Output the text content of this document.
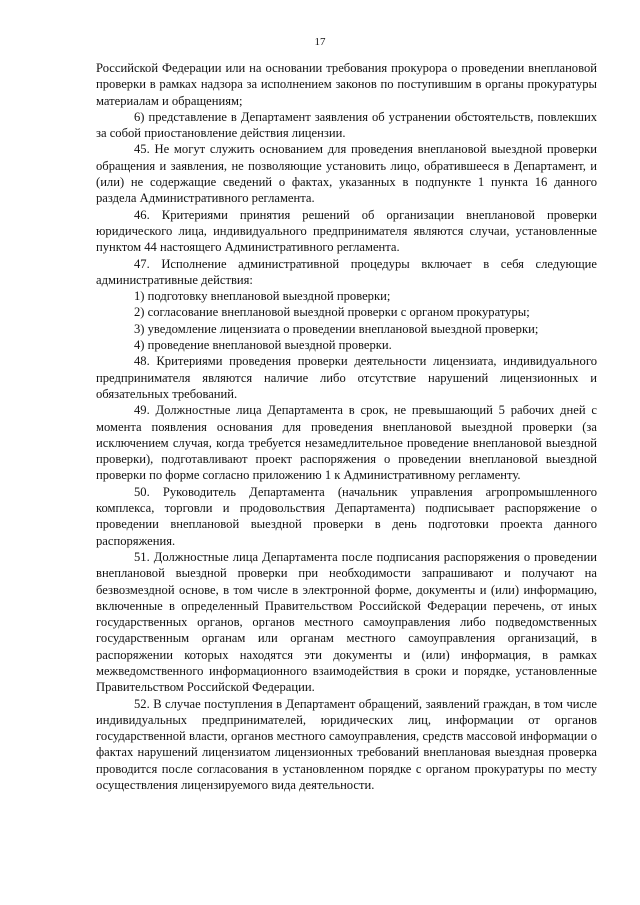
17

Российской Федерации или на основании требования прокурора о проведении внеплановой проверки в рамках надзора за исполнением законов по поступившим в органы прокуратуры материалам и обращениям;

6) представление в Департамент заявления об устранении обстоятельств, повлекших за собой приостановление действия лицензии.

45. Не могут служить основанием для проведения внеплановой выездной проверки обращения и заявления, не позволяющие установить лицо, обратившееся в Департамент, и (или) не содержащие сведений о фактах, указанных в подпункте 1 пункта 16 данного раздела Административного регламента.

46. Критериями принятия решений об организации внеплановой проверки юридического лица, индивидуального предпринимателя являются случаи, установленные пунктом 44 настоящего Административного регламента.

47. Исполнение административной процедуры включает в себя следующие административные действия:

1) подготовку внеплановой выездной проверки;

2) согласование внеплановой выездной проверки с органом прокуратуры;

3) уведомление лицензиата о проведении внеплановой выездной проверки;

4) проведение внеплановой выездной проверки.

48. Критериями проведения проверки деятельности лицензиата, индивидуального предпринимателя являются наличие либо отсутствие нарушений лицензионных и обязательных требований.

49. Должностные лица Департамента в срок, не превышающий 5 рабочих дней с момента появления основания для проведения внеплановой выездной проверки (за исключением случая, когда требуется незамедлительное проведение внеплановой выездной проверки), подготавливают проект распоряжения о проведении внеплановой выездной проверки по форме согласно приложению 1 к Административному регламенту.

50. Руководитель Департамента (начальник управления агропромышленного комплекса, торговли и продовольствия Департамента) подписывает распоряжение о проведении внеплановой выездной проверки в день подготовки проекта данного распоряжения.

51. Должностные лица Департамента после подписания распоряжения о проведении внеплановой выездной проверки при необходимости запрашивают и получают на безвозмездной основе, в том числе в электронной форме, документы и (или) информацию, включенные в определенный Правительством Российской Федерации перечень, от иных государственных органов, органов местного самоуправления либо подведомственных государственным органам или органам местного самоуправления организаций, в распоряжении которых находятся эти документы и (или) информация, в рамках межведомственного информационного взаимодействия в сроки и порядке, установленные Правительством Российской Федерации.

52. В случае поступления в Департамент обращений, заявлений граждан, в том числе индивидуальных предпринимателей, юридических лиц, информации от органов государственной власти, органов местного самоуправления, средств массовой информации о фактах нарушений лицензиатом лицензионных требований внеплановая выездная проверка проводится после согласования в установленном порядке с органом прокуратуры по месту осуществления лицензируемого вида деятельности.
